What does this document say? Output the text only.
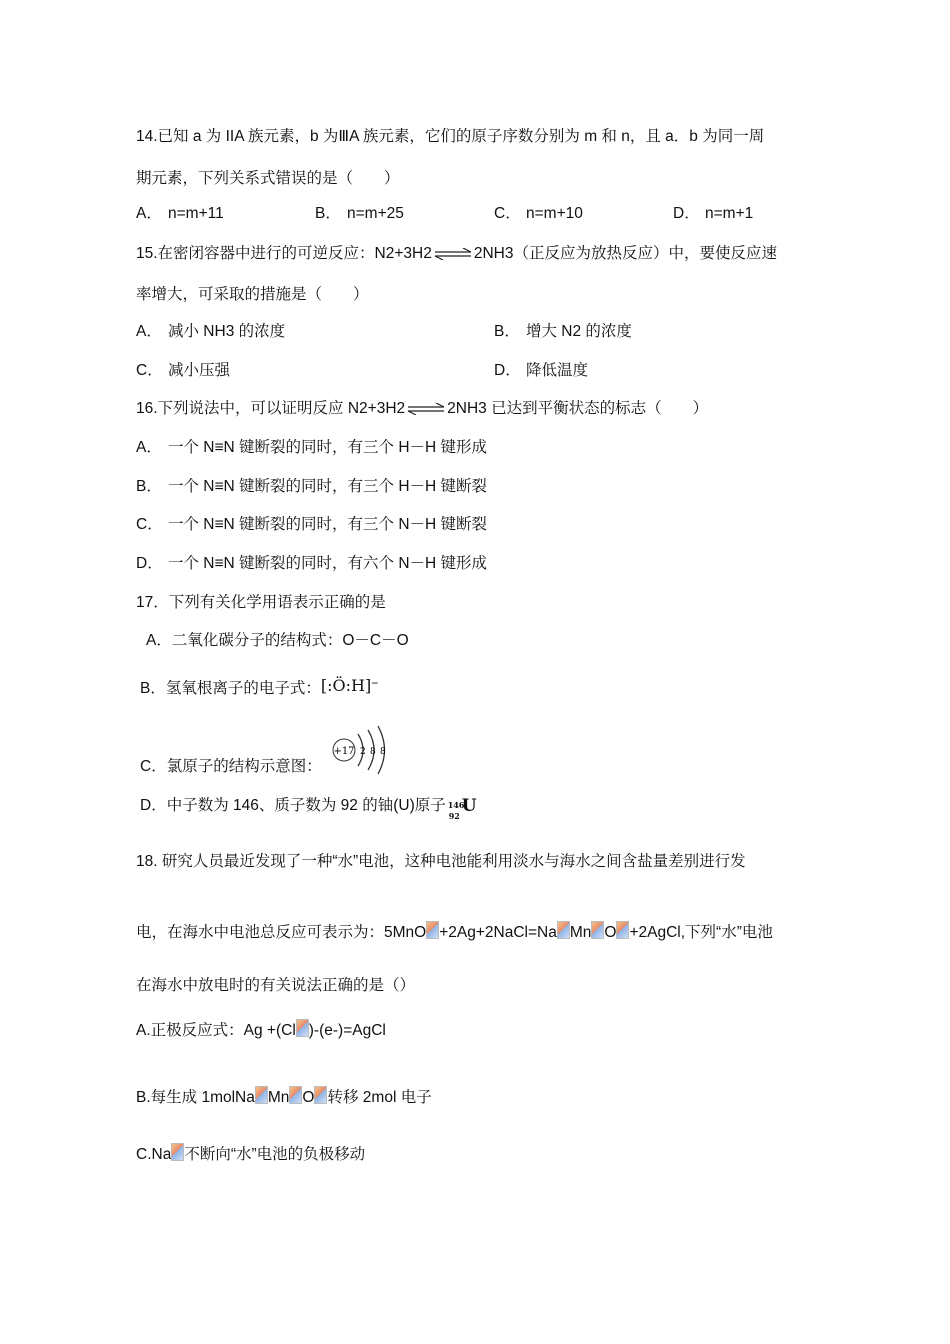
14.已知 a 为 IIA 族元素，b 为ⅢA 族元素，它们的原子序数分别为 m 和 n，且 a．b 为同一周
期元素，下列关系式错误的是（　　）
A． n=m+11	B． n=m+25	C． n=m+10	D． n=m+1
15.在密闭容器中进行的可逆反应：N2+3H2⇌2NH3（正反应为放热反应）中，要使反应速
率增大，可采取的措施是（　　）
A． 减小 NH3 的浓度	B． 增大 N2 的浓度
C． 减小压强	D． 降低温度
16.下列说法中，可以证明反应 N2+3H2⇌2NH3 已达到平衡状态的标志（　　）
A． 一个 N≡N 键断裂的同时，有三个 H－H 键形成
B． 一个 N≡N 键断裂的同时，有三个 H－H 键断裂
C． 一个 N≡N 键断裂的同时，有三个 N－H 键断裂
D． 一个 N≡N 键断裂的同时，有六个 N－H 键形成
17．下列有关化学用语表示正确的是
A．二氧化碳分子的结构式：O－C－O
B．氢氧根离子的电子式：[:Ö:H]−
C．氯原子的结构示意图：
+17 2 8 8
D．中子数为 146、质子数为 92 的铀(U)原子 146
92 U
18. 研究人员最近发现了一种“水”电池，这种电池能利用淡水与海水之间含盐量差别进行发
电，在海水中电池总反应可表示为：5MnO +2Ag+2NaCl=Na Mn O +2AgCl,下列“水”电池
在海水中放电时的有关说法正确的是（）
A.正极反应式：Ag +(Cl )-(e-)=AgCl
B.每生成 1molNa Mn O 转移 2mol 电子
C.Na 不断向“水”电池的负极移动
